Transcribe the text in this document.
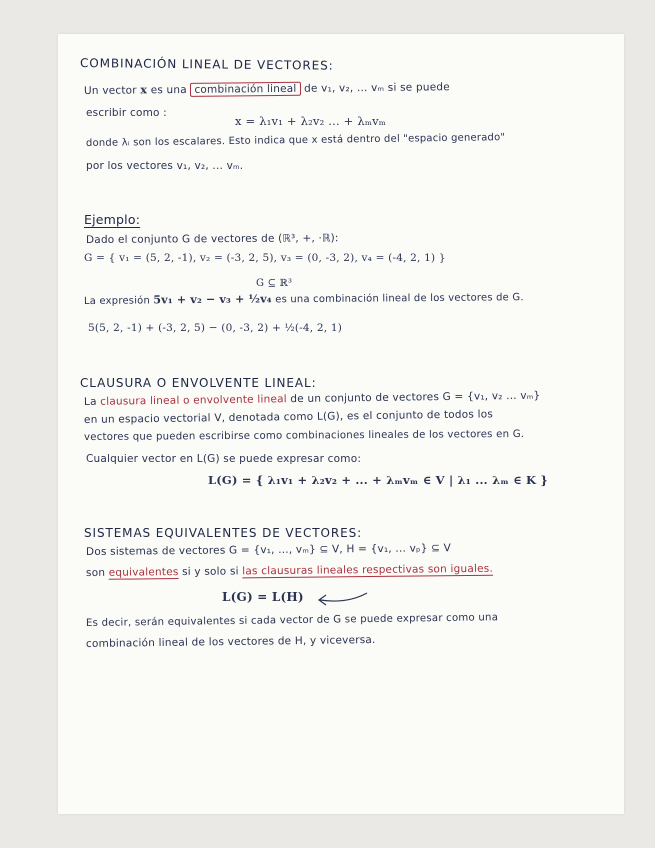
COMBINACIÓN LINEAL DE VECTORES:
Un vector x es una combinación lineal de v₁, v₂, ... vₘ si se puede
escribir como :
x = λ₁v₁ + λ₂v₂ ... + λₘvₘ
donde λᵢ son los escalares. Esto indica que x está dentro del "espacio generado"
por los vectores v₁, v₂, ... vₘ.
Ejemplo:
Dado el conjunto G de vectores de (ℝ³, +, ·ℝ):
G = { v₁ = (5, 2, -1), v₂ = (-3, 2, 5), v₃ = (0, -3, 2), v₄ = (-4, 2, 1) }
G ⊆ ℝ³
La expresión 5v₁ + v₂ − v₃ + ½v₄ es una combinación lineal de los vectores de G.
5(5, 2, -1) + (-3, 2, 5) − (0, -3, 2) + ½(-4, 2, 1)
CLAUSURA O ENVOLVENTE LINEAL:
La clausura lineal o envolvente lineal de un conjunto de vectores G = {v₁, v₂ ... vₘ}
en un espacio vectorial V, denotada como L(G), es el conjunto de todos los
vectores que pueden escribirse como combinaciones lineales de los vectores en G.
Cualquier vector en L(G) se puede expresar como:
L(G) = { λ₁v₁ + λ₂v₂ + ... + λₘvₘ ∈ V | λ₁ ... λₘ ∈ K }
SISTEMAS EQUIVALENTES DE VECTORES:
Dos sistemas de vectores G = {v₁, ..., vₘ} ⊆ V, H = {v₁, ... vₚ} ⊆ V
son equivalentes si y solo si las clausuras lineales respectivas son iguales.
L(G) = L(H)
Es decir, serán equivalentes si cada vector de G se puede expresar como una
combinación lineal de los vectores de H, y viceversa.
